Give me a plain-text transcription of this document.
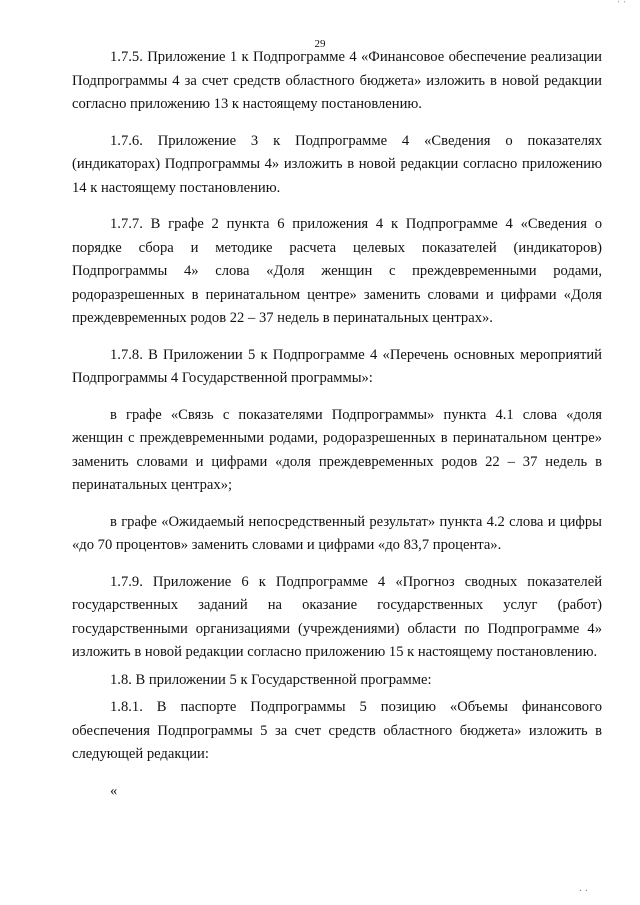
29

1.7.5. Приложение 1 к Подпрограмме 4 «Финансовое обеспечение реализации Подпрограммы 4 за счет средств областного бюджета» изложить в новой редакции согласно приложению 13 к настоящему постановлению.

1.7.6. Приложение 3 к Подпрограмме 4 «Сведения о показателях (индикаторах) Подпрограммы 4» изложить в новой редакции согласно приложению 14 к настоящему постановлению.

1.7.7. В графе 2 пункта 6 приложения 4 к Подпрограмме 4 «Сведения о порядке сбора и методике расчета целевых показателей (индикаторов) Подпрограммы 4» слова «Доля женщин с преждевременными родами, родоразрешенных в перинатальном центре» заменить словами и цифрами «Доля преждевременных родов 22 – 37 недель в перинатальных центрах».

1.7.8. В Приложении 5 к Подпрограмме 4 «Перечень основных мероприятий Подпрограммы 4 Государственной программы»:

в графе «Связь с показателями Подпрограммы» пункта 4.1 слова «доля женщин с преждевременными родами, родоразрешенных в перинатальном центре» заменить словами и цифрами «доля преждевременных родов 22 – 37 недель в перинатальных центрах»;

в графе «Ожидаемый непосредственный результат» пункта 4.2 слова и цифры «до 70 процентов» заменить словами и цифрами «до 83,7 процента».

1.7.9. Приложение 6 к Подпрограмме 4 «Прогноз сводных показателей государственных заданий на оказание государственных услуг (работ) государственными организациями (учреждениями) области по Подпрограмме 4» изложить в новой редакции согласно приложению 15 к настоящему постановлению.

1.8. В приложении 5 к Государственной программе:

1.8.1. В паспорте Подпрограммы 5 позицию «Объемы финансового обеспечения Подпрограммы 5 за счет средств областного бюджета» изложить в следующей редакции:

«

ˈ ˈ
· ·
